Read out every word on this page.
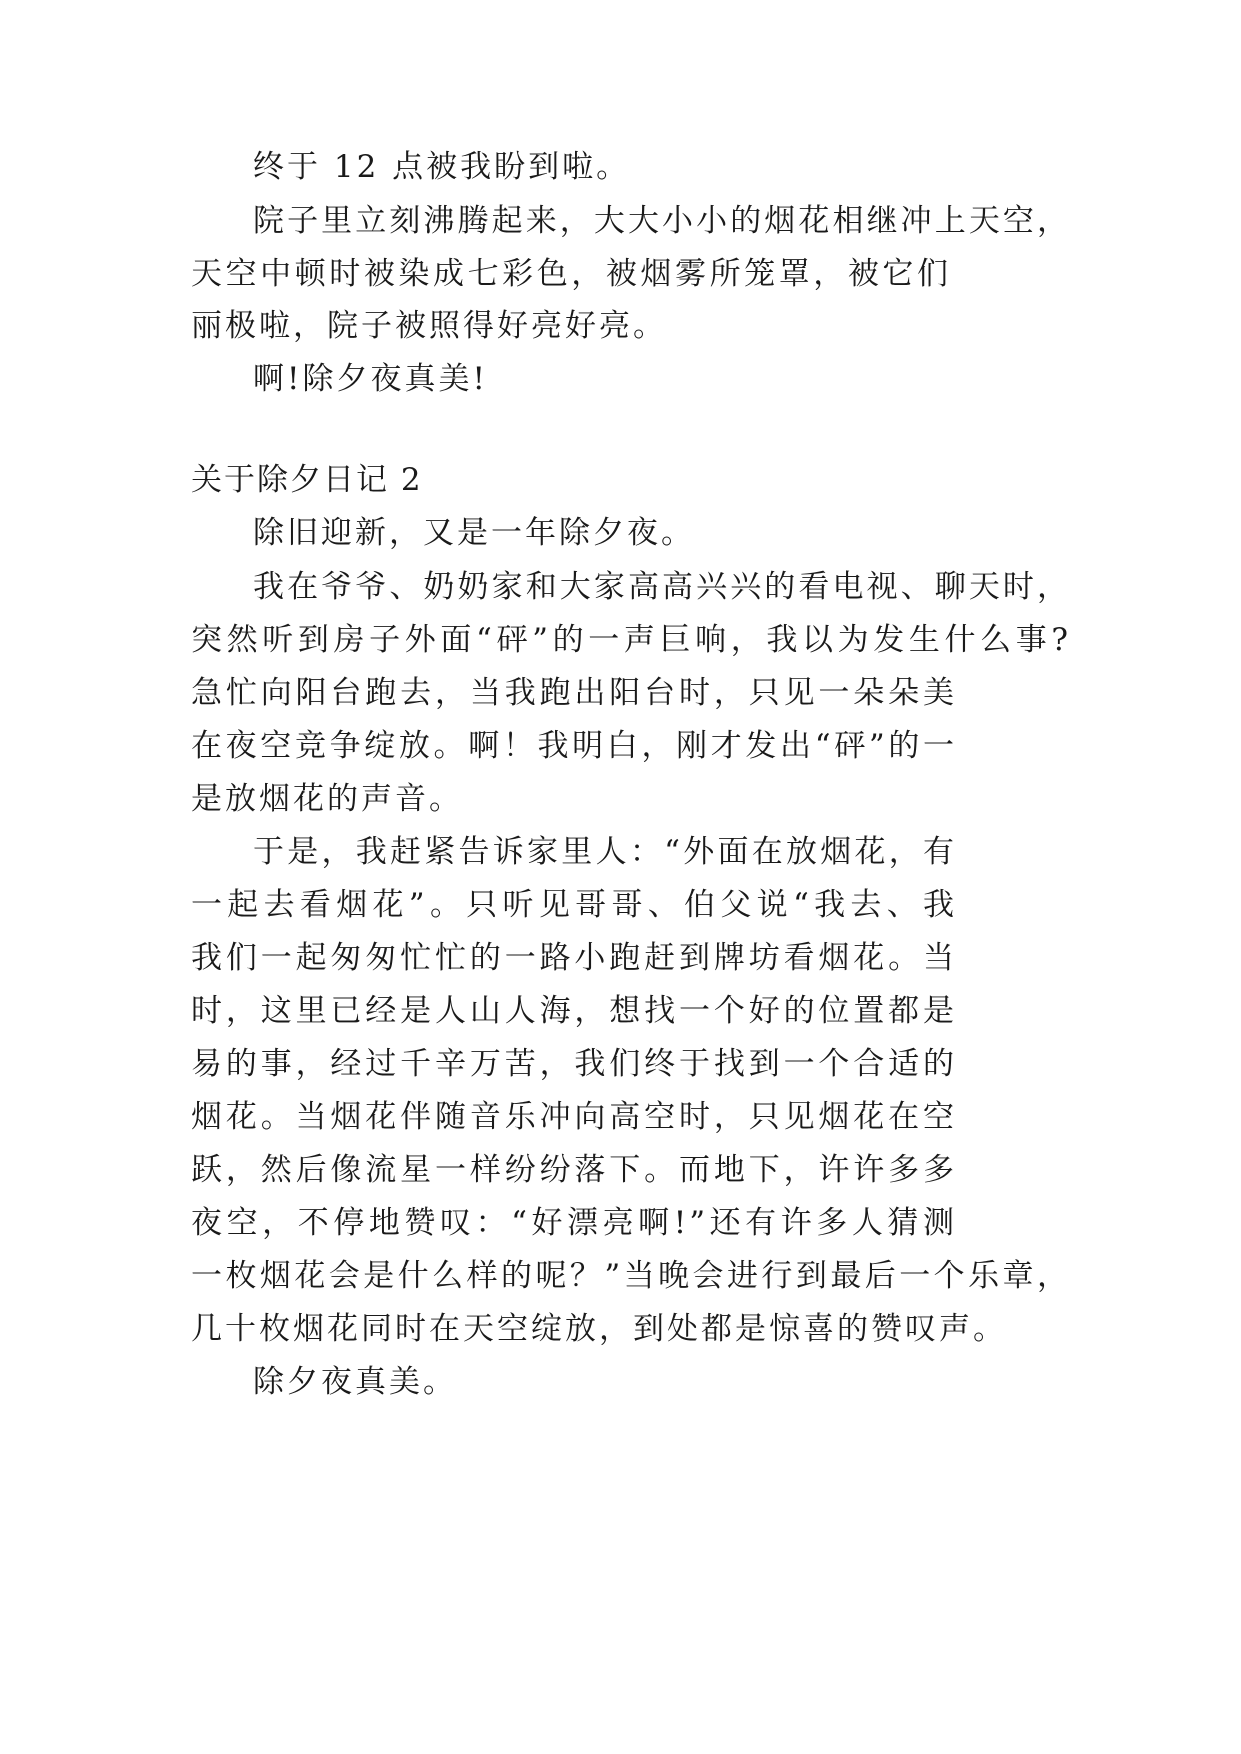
终于 12 点被我盼到啦。
院子里立刻沸腾起来，大大小小的烟花相继冲上天空，
天空中顿时被染成七彩色，被烟雾所笼罩，被它们
丽极啦，院子被照得好亮好亮。
啊!除夕夜真美!
关于除夕日记 2
除旧迎新，又是一年除夕夜。
我在爷爷、奶奶家和大家高高兴兴的看电视、聊天时，
突然听到房子外面“砰”的一声巨响，我以为发生什么事?
急忙向阳台跑去，当我跑出阳台时，只见一朵朵美
在夜空竞争绽放。啊！我明白，刚才发出“砰”的一
是放烟花的声音。
于是，我赶紧告诉家里人：“外面在放烟花，有
一起去看烟花”。只听见哥哥、伯父说“我去、我
我们一起匆匆忙忙的一路小跑赶到牌坊看烟花。当
时，这里已经是人山人海，想找一个好的位置都是
易的事，经过千辛万苦，我们终于找到一个合适的
烟花。当烟花伴随音乐冲向高空时，只见烟花在空
跃，然后像流星一样纷纷落下。而地下，许许多多
夜空，不停地赞叹：“好漂亮啊!”还有许多人猜测
一枚烟花会是什么样的呢？”当晚会进行到最后一个乐章，
几十枚烟花同时在天空绽放，到处都是惊喜的赞叹声。
除夕夜真美。
